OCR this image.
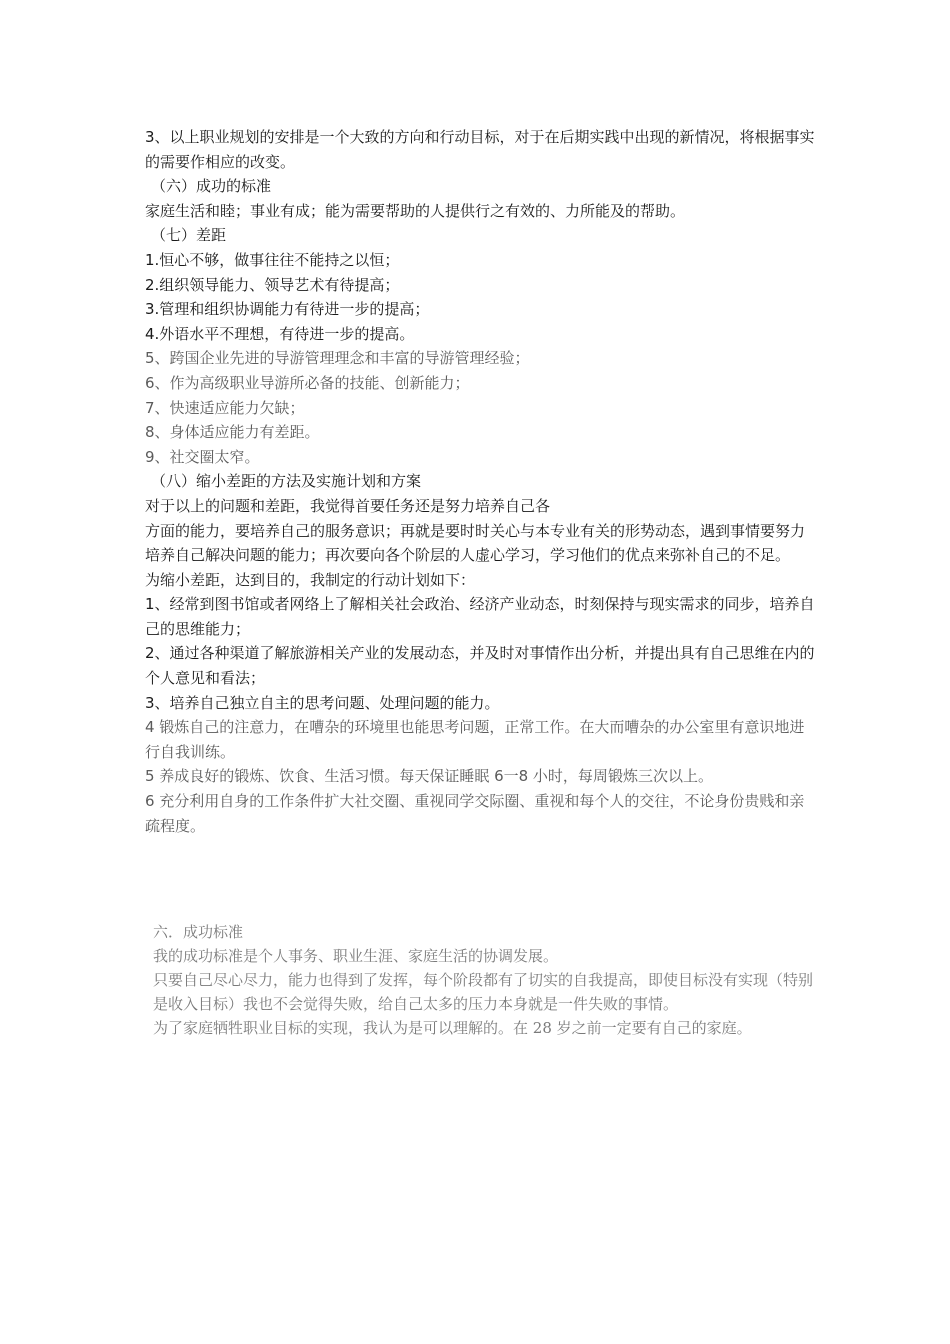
3、以上职业规划的安排是一个大致的方向和行动目标，对于在后期实践中出现的新情况，将根据事实的需要作相应的改变。

（六）成功的标准

家庭生活和睦；事业有成；能为需要帮助的人提供行之有效的、力所能及的帮助。

（七）差距

1.恒心不够，做事往往不能持之以恒；

2.组织领导能力、领导艺术有待提高；

3.管理和组织协调能力有待进一步的提高；

4.外语水平不理想，有待进一步的提高。

5、跨国企业先进的导游管理理念和丰富的导游管理经验；

6、作为高级职业导游所必备的技能、创新能力；

7、快速适应能力欠缺；

8、身体适应能力有差距。

9、社交圈太窄。

（八）缩小差距的方法及实施计划和方案

对于以上的问题和差距，我觉得首要任务还是努力培养自己各

方面的能力，要培养自己的服务意识；再就是要时时关心与本专业有关的形势动态，遇到事情要努力培养自己解决问题的能力；再次要向各个阶层的人虚心学习，学习他们的优点来弥补自己的不足。

为缩小差距，达到目的，我制定的行动计划如下：

1、经常到图书馆或者网络上了解相关社会政治、经济产业动态，时刻保持与现实需求的同步，培养自己的思维能力；

2、通过各种渠道了解旅游相关产业的发展动态，并及时对事情作出分析，并提出具有自己思维在内的个人意见和看法；

3、培养自己独立自主的思考问题、处理问题的能力。

4 锻炼自己的注意力，在嘈杂的环境里也能思考问题，正常工作。在大而嘈杂的办公室里有意识地进行自我训练。

5 养成良好的锻炼、饮食、生活习惯。每天保证睡眠 6一8 小时，每周锻炼三次以上。

6 充分利用自身的工作条件扩大社交圈、重视同学交际圈、重视和每个人的交往，不论身份贵贱和亲疏程度。

六．成功标准

我的成功标准是个人事务、职业生涯、家庭生活的协调发展。

只要自己尽心尽力，能力也得到了发挥，每个阶段都有了切实的自我提高，即使目标没有实现（特别是收入目标）我也不会觉得失败，给自己太多的压力本身就是一件失败的事情。

为了家庭牺牲职业目标的实现，我认为是可以理解的。在 28 岁之前一定要有自己的家庭。
